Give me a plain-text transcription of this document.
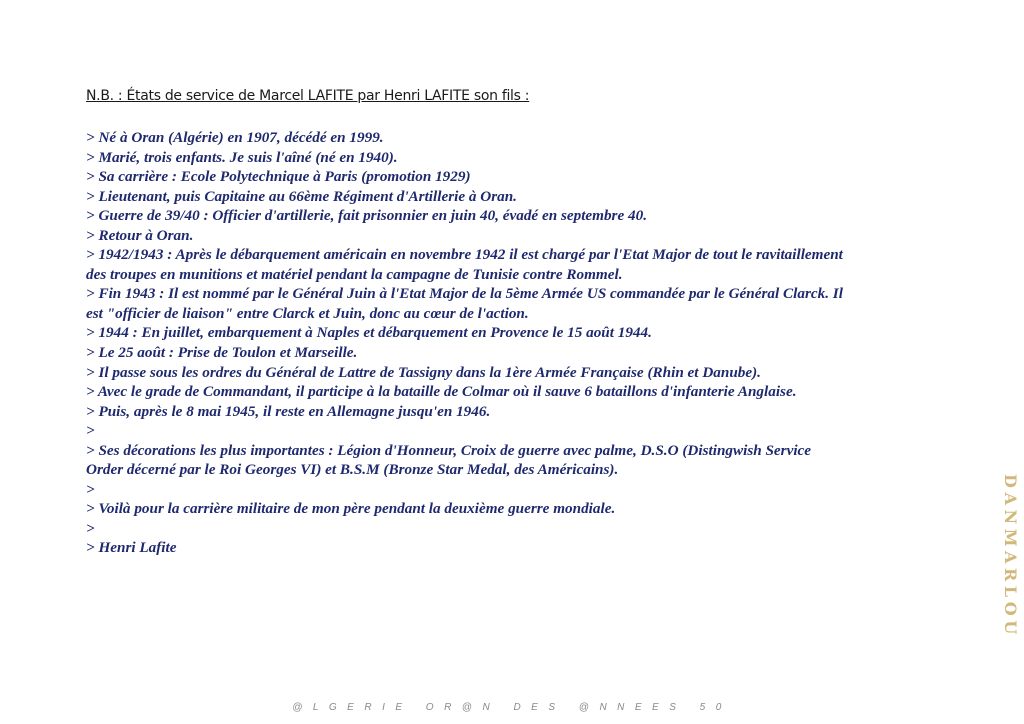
N.B. : États de service de Marcel LAFITE par Henri LAFITE son fils :
> Né à Oran (Algérie) en 1907, décédé en 1999.
> Marié, trois enfants. Je suis l'aîné (né en 1940).
> Sa carrière : Ecole Polytechnique à Paris (promotion 1929)
> Lieutenant, puis Capitaine au 66ème Régiment d'Artillerie à Oran.
> Guerre de 39/40 : Officier d'artillerie, fait prisonnier en juin 40, évadé en septembre 40.
> Retour à Oran.
> 1942/1943 : Après le débarquement américain en novembre 1942 il est chargé par l'Etat Major de tout le ravitaillement
des troupes en munitions et matériel pendant la campagne de Tunisie contre Rommel.
> Fin 1943 : Il est nommé par le Général Juin à l'Etat Major de la 5ème Armée US commandée par le Général Clarck. Il
est "officier de liaison" entre Clarck et Juin, donc au cœur de l'action.
> 1944 : En juillet, embarquement à Naples et débarquement en Provence le 15 août 1944.
> Le 25 août : Prise de Toulon et Marseille.
> Il passe sous les ordres du Général de Lattre de Tassigny dans la 1ère Armée Française (Rhin et Danube).
> Avec le grade de Commandant, il participe à la bataille de Colmar où il sauve 6 bataillons d'infanterie Anglaise.
> Puis, après le 8 mai 1945, il reste en Allemagne jusqu'en 1946.
>
> Ses décorations les plus importantes : Légion d'Honneur, Croix de guerre avec palme, D.S.O (Distingwish Service
Order décerné par le Roi Georges VI) et B.S.M (Bronze Star Medal, des Américains).
>
> Voilà pour la carrière militaire de mon père pendant la deuxième guerre mondiale.
>
> Henri Lafite
@LGERIE OR@N DES @NNEES 50
DANMARLOU
